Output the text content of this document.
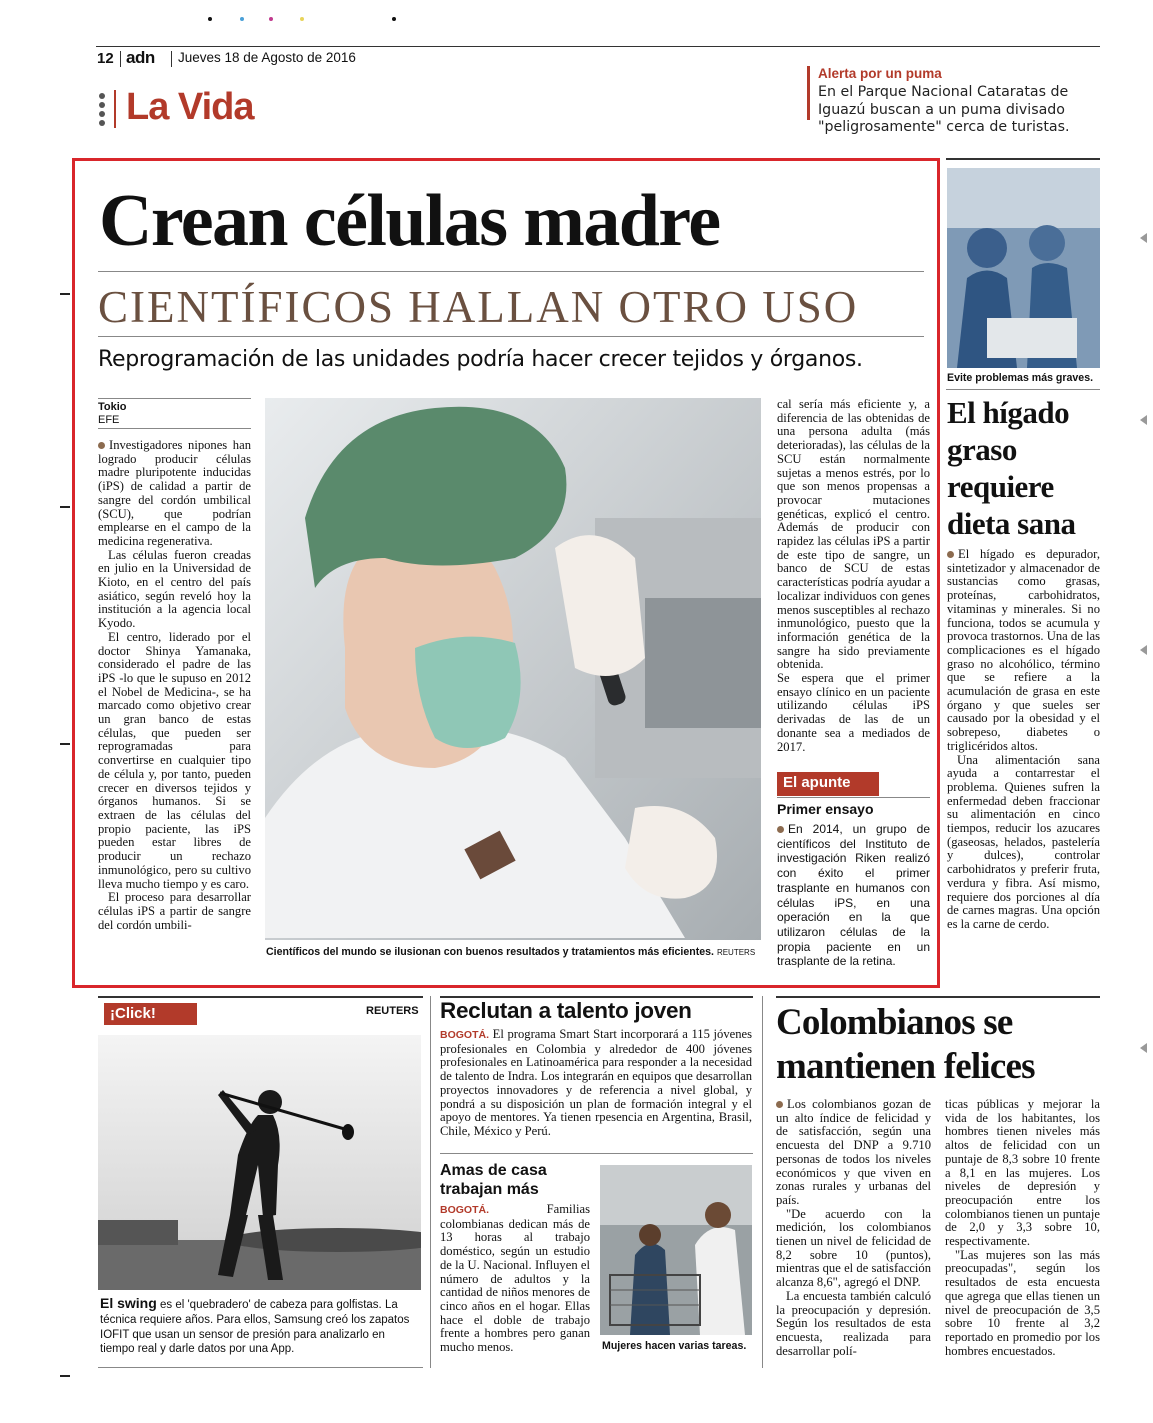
12 adn Jueves 18 de Agosto de 2016
La Vida
Alerta por un puma
En el Parque Nacional Cataratas de Iguazú buscan a un puma divisado "peligrosamente" cerca de turistas.
Crean células madre
CIENTÍFICOS HALLAN OTRO USO
Reprogramación de las unidades podría hacer crecer tejidos y órganos.
Tokio
EFE

Investigadores nipones han logrado producir células madre pluripotente inducidas (iPS) de calidad a partir de sangre del cordón umbilical (SCU), que podrían emplearse en el campo de la medicina regenerativa.

Las células fueron creadas en julio en la Universidad de Kioto, en el centro del país asiático, según reveló hoy la institución a la agencia local Kyodo.

El centro, liderado por el doctor Shinya Yamanaka, considerado el padre de las iPS -lo que le supuso en 2012 el Nobel de Medicina-, se ha marcado como objetivo crear un gran banco de estas células, que pueden ser reprogramadas para convertirse en cualquier tipo de célula y, por tanto, pueden crecer en diversos tejidos y órganos humanos. Si se extraen de las células del propio paciente, las iPS pueden estar libres de producir un rechazo inmunológico, pero su cultivo lleva mucho tiempo y es caro.

El proceso para desarrollar células iPS a partir de sangre del cordón umbili-

Científicos del mundo se ilusionan con buenos resultados y tratamientos más eficientes. REUTERS

cal sería más eficiente y, a diferencia de las obtenidas de una persona adulta (más deterioradas), las células de la SCU están normalmente sujetas a menos estrés, por lo que son menos propensas a provocar mutaciones genéticas, explicó el centro. Además de producir con rapidez las células iPS a partir de este tipo de sangre, un banco de SCU de estas características podría ayudar a localizar individuos con genes menos susceptibles al rechazo inmunológico, puesto que la información genética de la sangre ha sido previamente obtenida.

Se espera que el primer ensayo clínico en un paciente utilizando células iPS derivadas de las de un donante sea a mediados de 2017.

El apunte
Primer ensayo
En 2014, un grupo de científicos del Instituto de investigación Riken realizó con éxito el primer trasplante en humanos con células iPS, en una operación en la que utilizaron células de la propia paciente en un trasplante de la retina.
Evite problemas más graves.
El hígado graso requiere dieta sana

El hígado es depurador, sintetizador y almacenador de sustancias como grasas, proteínas, carbohidratos, vitaminas y minerales. Si no funciona, todos se acumula y provoca trastornos. Una de las complicaciones es el hígado graso no alcohólico, término que se refiere a la acumulación de grasa en este órgano y que sueles ser causado por la obesidad y el sobrepeso, diabetes o triglicéridos altos.

Una alimentación sana ayuda a contarrestar el problema. Quienes sufren la enfermedad deben fraccionar su alimentación en cinco tiempos, reducir los azucares (gaseosas, helados, pastelería y dulces), controlar carbohidratos y preferir fruta, verdura y fibra. Así mismo, requiere dos porciones al día de carnes magras. Una opción es la carne de cerdo.

¡Click!	REUTERS
El swing es el 'quebradero' de cabeza para golfistas. La técnica requiere años. Para ellos, Samsung creó los zapatos IOFIT que usan un sensor de presión para analizarlo en tiempo real y darle datos por una App.
Reclutan a talento joven
BOGOTÁ. El programa Smart Start incorporará a 115 jóvenes profesionales en Colombia y alrededor de 400 jóvenes profesionales en Latinoamérica para responder a la necesidad de talento de Indra. Los integrarán en equipos que desarrollan proyectos innovadores y de referencia a nivel global, y pondrá a su disposición un plan de formación integral y el apoyo de mentores. Ya tienen rpesencia en Argentina, Brasil, Chile, México y Perú.
Amas de casa trabajan más
BOGOTÁ.	Familias colombianas dedican más de 13 horas al trabajo doméstico, según un estudio de la U. Nacional. Influyen el número de adultos y la cantidad de niños menores de cinco años en el hogar. Ellas hace el doble de trabajo frente a hombres pero ganan mucho menos.	Mujeres hacen varias tareas.
Colombianos se mantienen felices

Los colombianos gozan de un alto índice de felicidad y de satisfacción, según una encuesta del DNP a 9.710 personas de todos los niveles económicos y que viven en zonas rurales y urbanas del país.

"De acuerdo con la medición, los colombianos tienen un nivel de felicidad de 8,2 sobre 10 (puntos), mientras que el de satisfacción alcanza 8,6", agregó el DNP.

La encuesta también calculó la preocupación y depresión. Según los resultados de esta encuesta, realizada para desarrollar polí-

ticas públicas y mejorar la vida de los habitantes, los hombres tienen niveles más altos de felicidad con un puntaje de 8,3 sobre 10 frente a 8,1 en las mujeres. Los niveles de depresión y preocupación entre los colombianos tienen un puntaje de 2,0 y 3,3 sobre 10, respectivamente.

"Las mujeres son las más preocupadas", según los resultados de esta encuesta que agrega que ellas tienen un nivel de preocupación de 3,5 sobre 10 frente al 3,2 reportado en promedio por los hombres encuestados.
